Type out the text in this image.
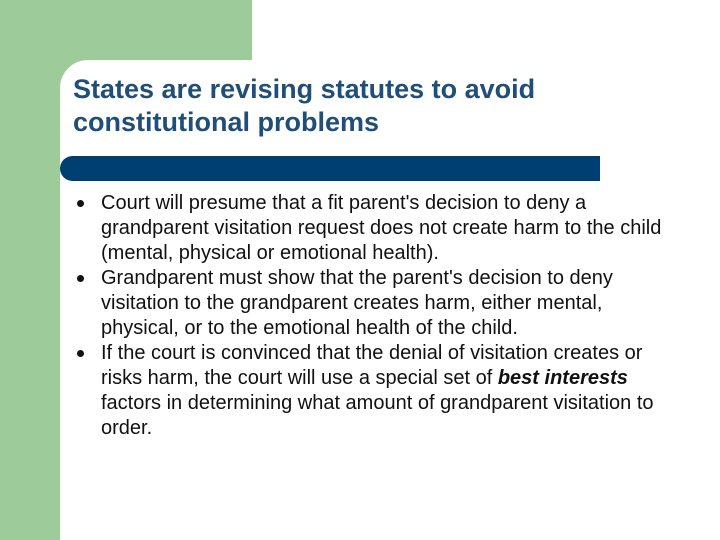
States are revising statutes to avoid constitutional problems
Court will presume that a fit parent's decision to deny a grandparent visitation request does not create harm to the child (mental, physical or emotional health).
Grandparent must show that the parent's decision to deny visitation to the grandparent creates harm, either mental, physical, or to the emotional health of the child.
If the court is convinced that the denial of visitation creates or risks harm, the court will use a special set of best interests factors in determining what amount of grandparent visitation to order.
